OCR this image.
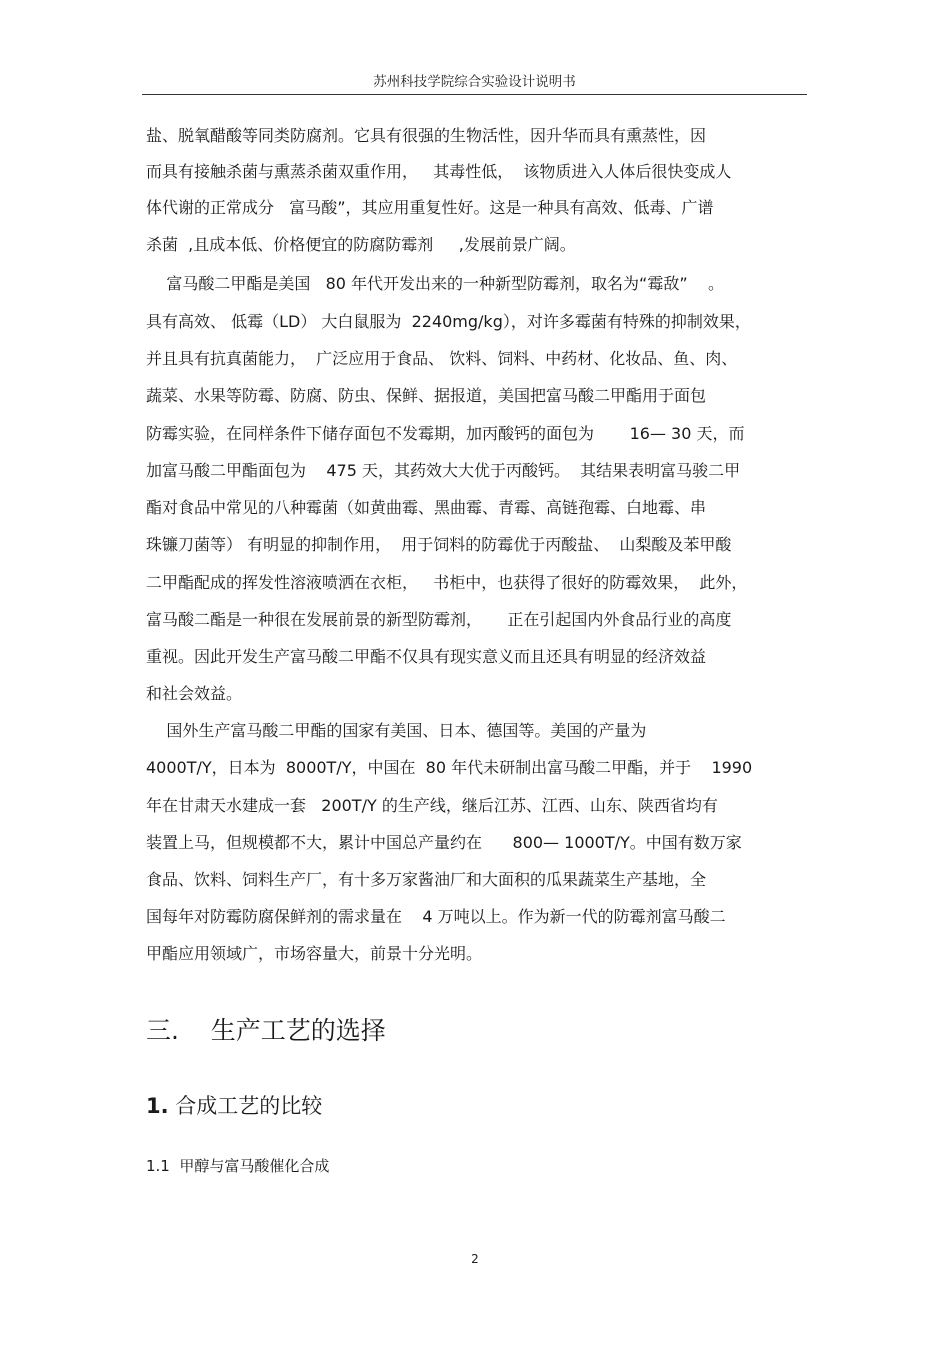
苏州科技学院综合实验设计说明书
盐、脱氧醋酸等同类防腐剂。它具有很强的生物活性，因升华而具有熏蒸性，因
而具有接触杀菌与熏蒸杀菌双重作用，   其毒性低，  该物质进入人体后很快变成人
体代谢的正常成分   富马酸”，其应用重复性好。这是一种具有高效、低毒、广谱
杀菌  ,且成本低、价格便宜的防腐防霉剂     ,发展前景广阔。
富马酸二甲酯是美国   80 年代开发出来的一种新型防霉剂，取名为“霉敌”    。
具有高效、 低霉（LD） 大白鼠服为  2240mg/kg），对许多霉菌有特殊的抑制效果，
并且具有抗真菌能力，  广泛应用于食品、 饮料、饲料、中药材、化妆品、鱼、肉、
蔬菜、水果等防霉、防腐、防虫、保鲜、据报道，美国把富马酸二甲酯用于面包
防霉实验，在同样条件下储存面包不发霉期，加丙酸钙的面包为       16— 30 天，而
加富马酸二甲酯面包为    475 天，其药效大大优于丙酸钙。  其结果表明富马骏二甲
酯对食品中常见的八种霉菌（如黄曲霉、黑曲霉、青霉、高链孢霉、白地霉、串
珠镰刀菌等） 有明显的抑制作用，  用于饲料的防霉优于丙酸盐、  山梨酸及苯甲酸
二甲酯配成的挥发性溶液喷洒在衣柜，   书柜中，也获得了很好的防霉效果，  此外，
富马酸二酯是一种很在发展前景的新型防霉剂，     正在引起国内外食品行业的高度
重视。因此开发生产富马酸二甲酯不仅具有现实意义而且还具有明显的经济效益
和社会效益。
国外生产富马酸二甲酯的国家有美国、日本、德国等。美国的产量为
4000T/Y，日本为  8000T/Y，中国在  80 年代未研制出富马酸二甲酯，并于    1990
年在甘肃天水建成一套   200T/Y 的生产线，继后江苏、江西、山东、陕西省均有
装置上马，但规模都不大，累计中国总产量约在      800— 1000T/Y。中国有数万家
食品、饮料、饲料生产厂，有十多万家酱油厂和大面积的瓜果蔬菜生产基地，全
国每年对防霉防腐保鲜剂的需求量在    4 万吨以上。作为新一代的防霉剂富马酸二
甲酯应用领域广，市场容量大，前景十分光明。
三. 生产工艺的选择
1. 合成工艺的比较
1.1 甲醇与富马酸催化合成
2
